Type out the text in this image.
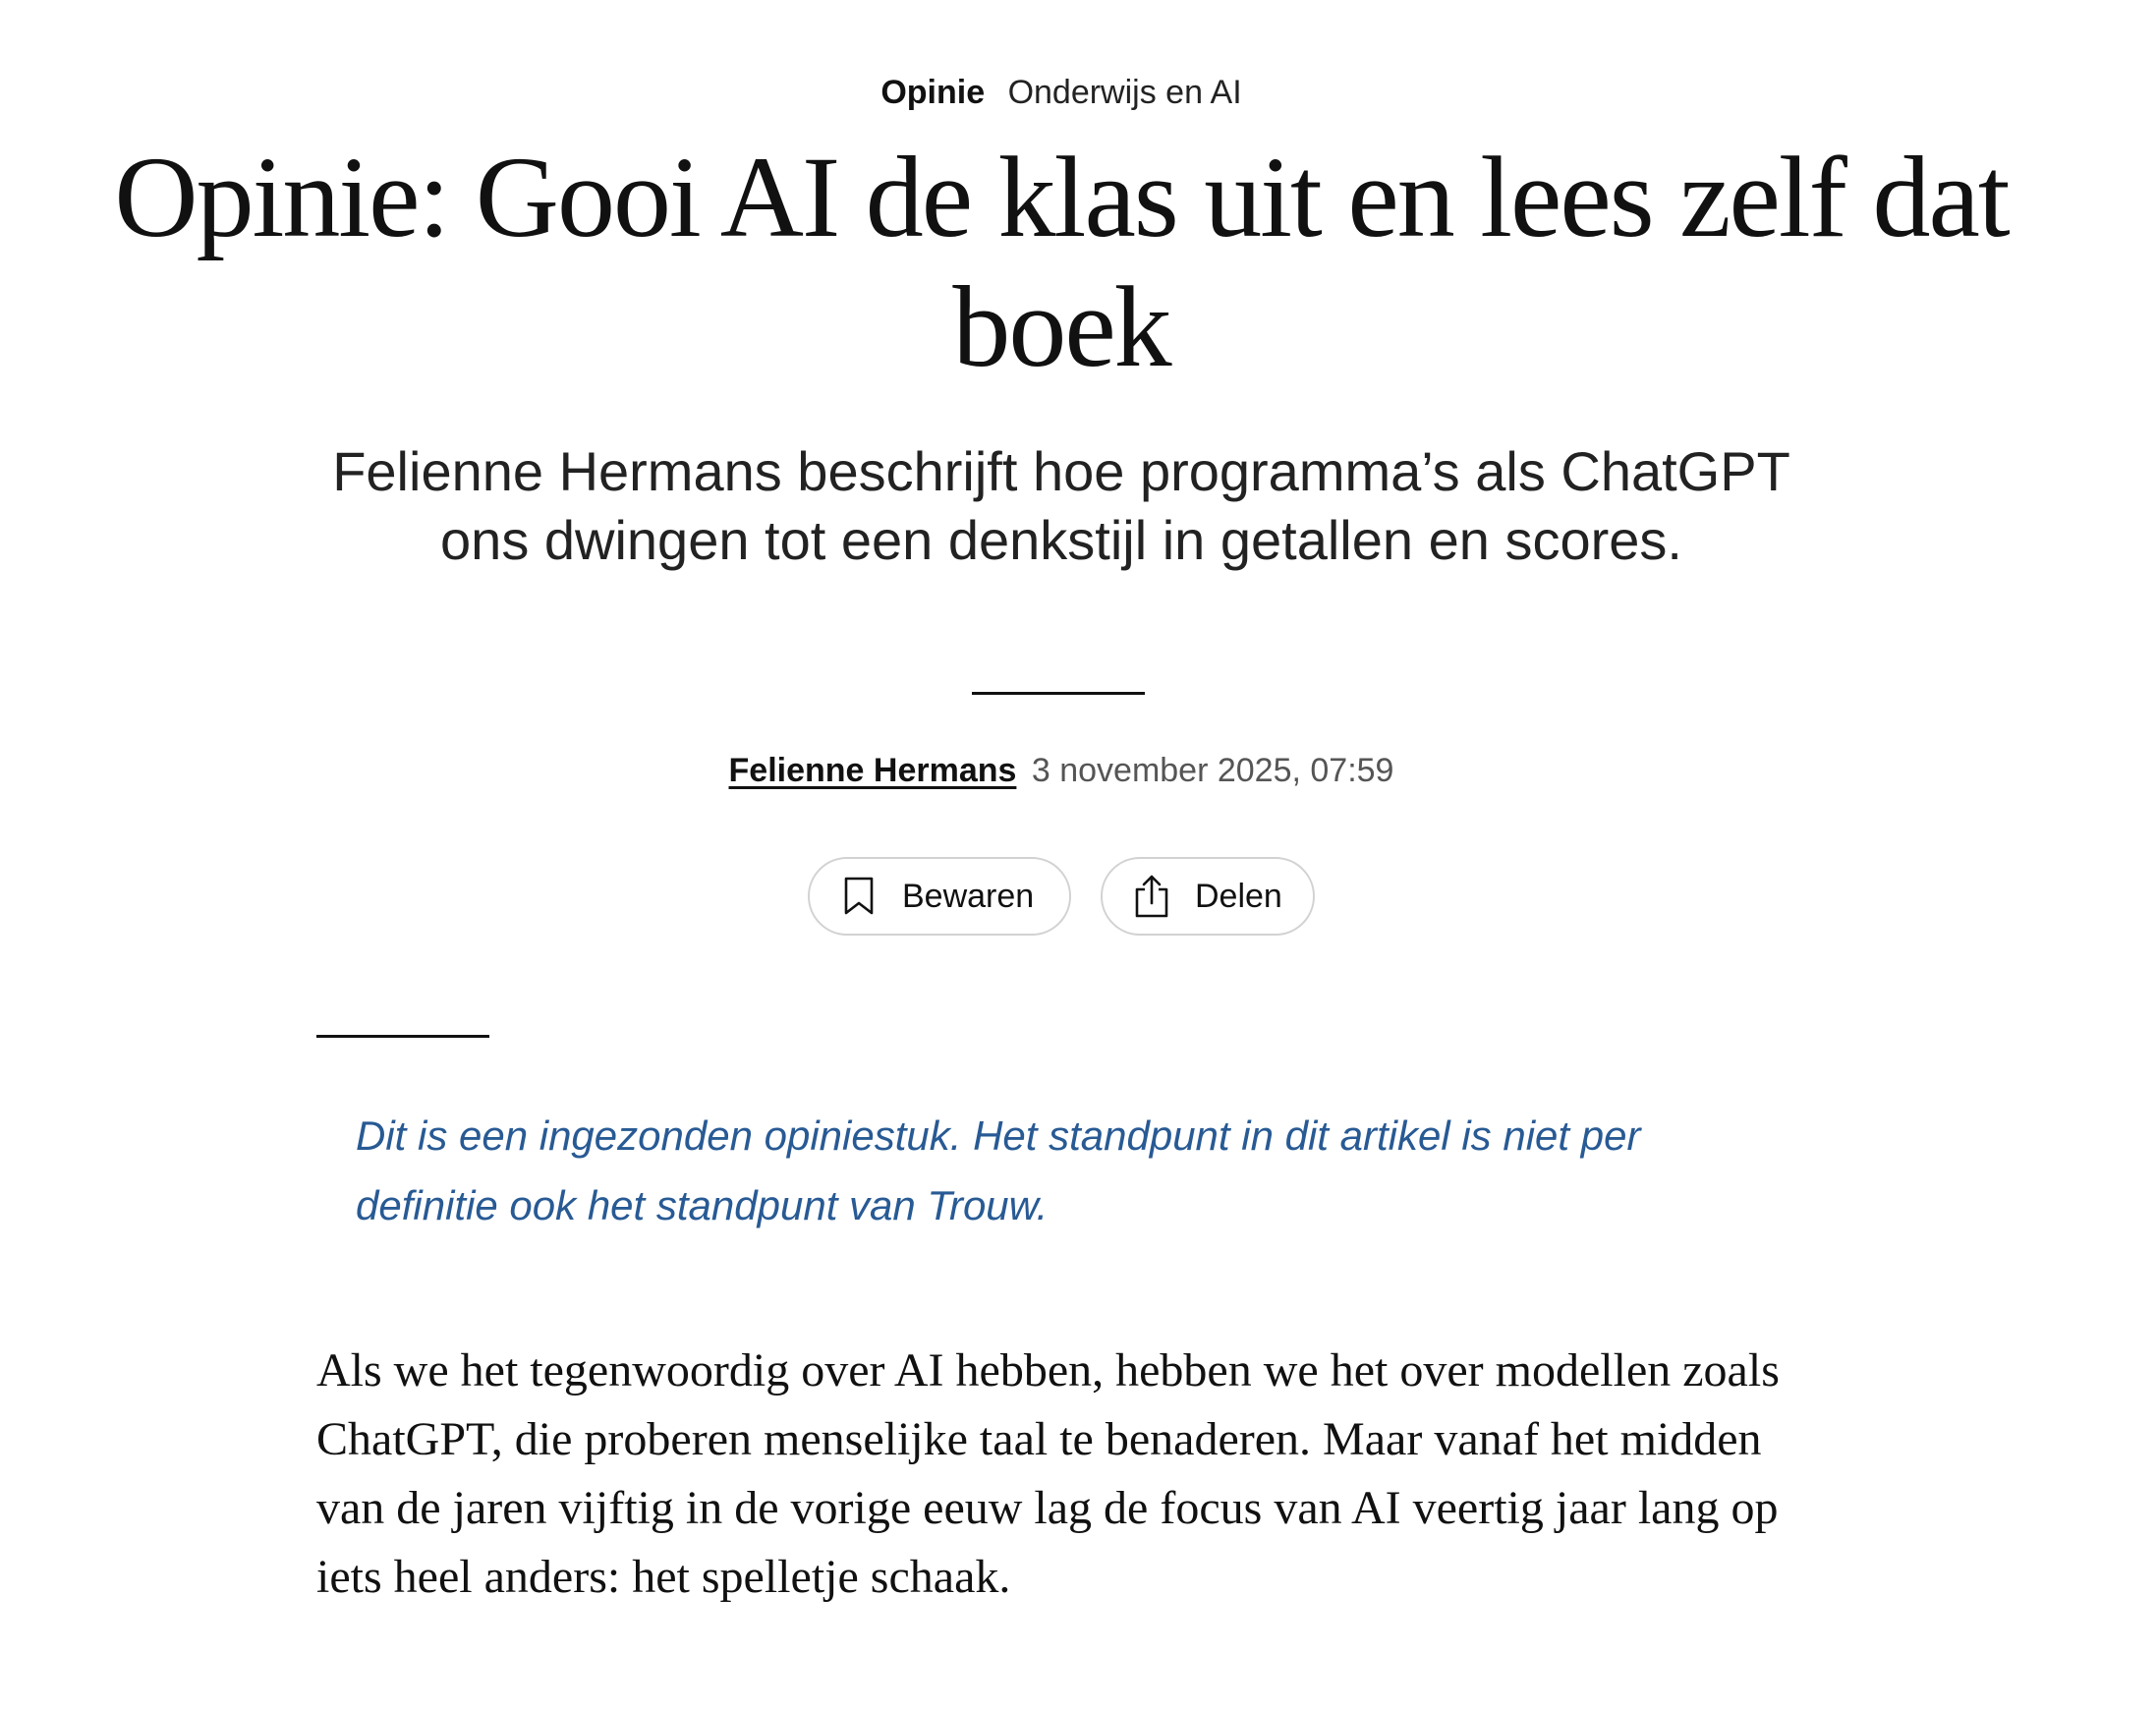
Opinie Onderwijs en AI
Opinie: Gooi AI de klas uit en lees zelf dat boek

Felienne Hermans beschrijft hoe programma’s als ChatGPT ons dwingen tot een denkstijl in getallen en scores.

Felienne Hermans 3 november 2025, 07:59
Bewaren	Delen

Dit is een ingezonden opiniestuk. Het standpunt in dit artikel is niet per definitie ook het standpunt van Trouw.

Als we het tegenwoordig over AI hebben, hebben we het over modellen zoals ChatGPT, die proberen menselijke taal te benaderen. Maar vanaf het midden van de jaren vijftig in de vorige eeuw lag de focus van AI veertig jaar lang op iets heel anders: het spelletje schaak.
